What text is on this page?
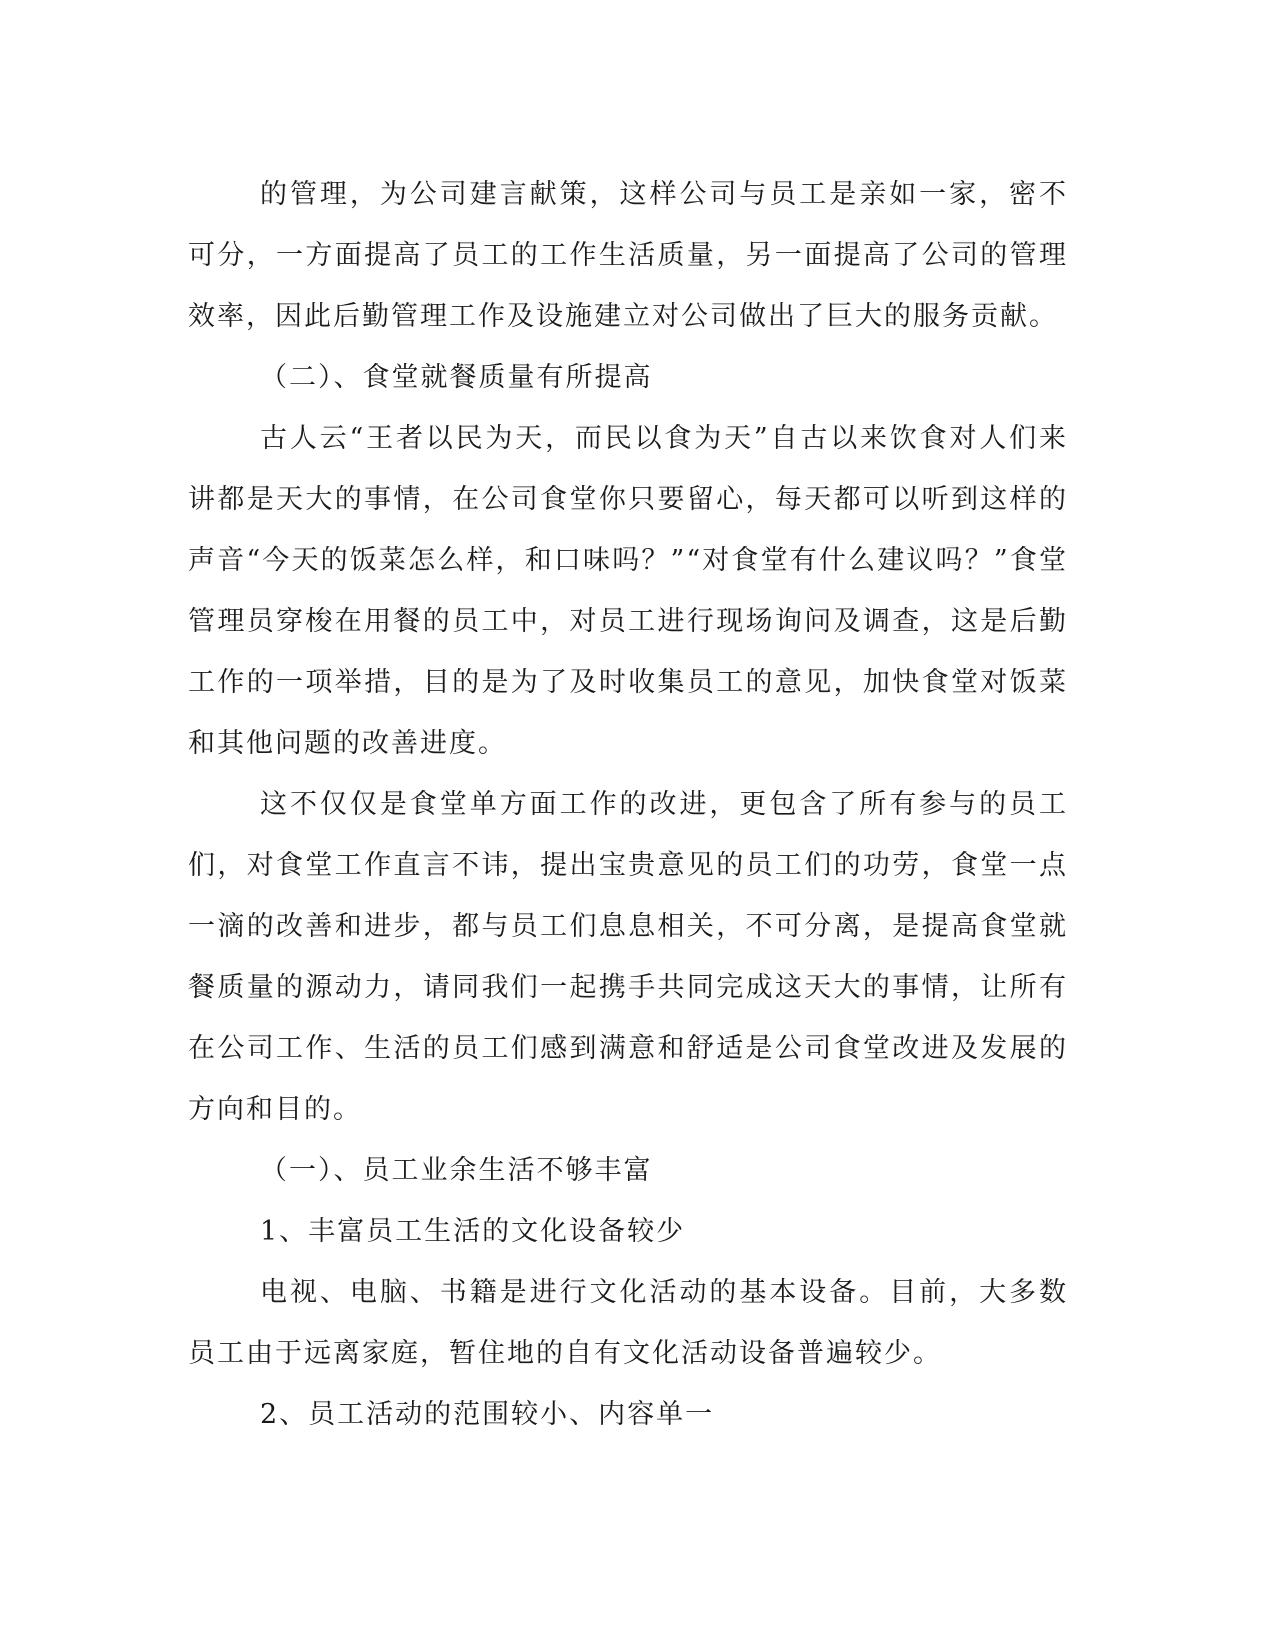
的管理，为公司建言献策，这样公司与员工是亲如一家，密不可分，一方面提高了员工的工作生活质量，另一面提高了公司的管理效率，因此后勤管理工作及设施建立对公司做出了巨大的服务贡献。

（二）、食堂就餐质量有所提高

古人云“王者以民为天，而民以食为天”自古以来饮食对人们来讲都是天大的事情，在公司食堂你只要留心，每天都可以听到这样的声音“今天的饭菜怎么样，和口味吗？”“对食堂有什么建议吗？”食堂管理员穿梭在用餐的员工中，对员工进行现场询问及调查，这是后勤工作的一项举措，目的是为了及时收集员工的意见，加快食堂对饭菜和其他问题的改善进度。

这不仅仅是食堂单方面工作的改进，更包含了所有参与的员工们，对食堂工作直言不讳，提出宝贵意见的员工们的功劳，食堂一点一滴的改善和进步，都与员工们息息相关，不可分离，是提高食堂就餐质量的源动力，请同我们一起携手共同完成这天大的事情，让所有在公司工作、生活的员工们感到满意和舒适是公司食堂改进及发展的方向和目的。

（一）、员工业余生活不够丰富

1、丰富员工生活的文化设备较少

电视、电脑、书籍是进行文化活动的基本设备。目前，大多数员工由于远离家庭，暂住地的自有文化活动设备普遍较少。

2、员工活动的范围较小、内容单一
